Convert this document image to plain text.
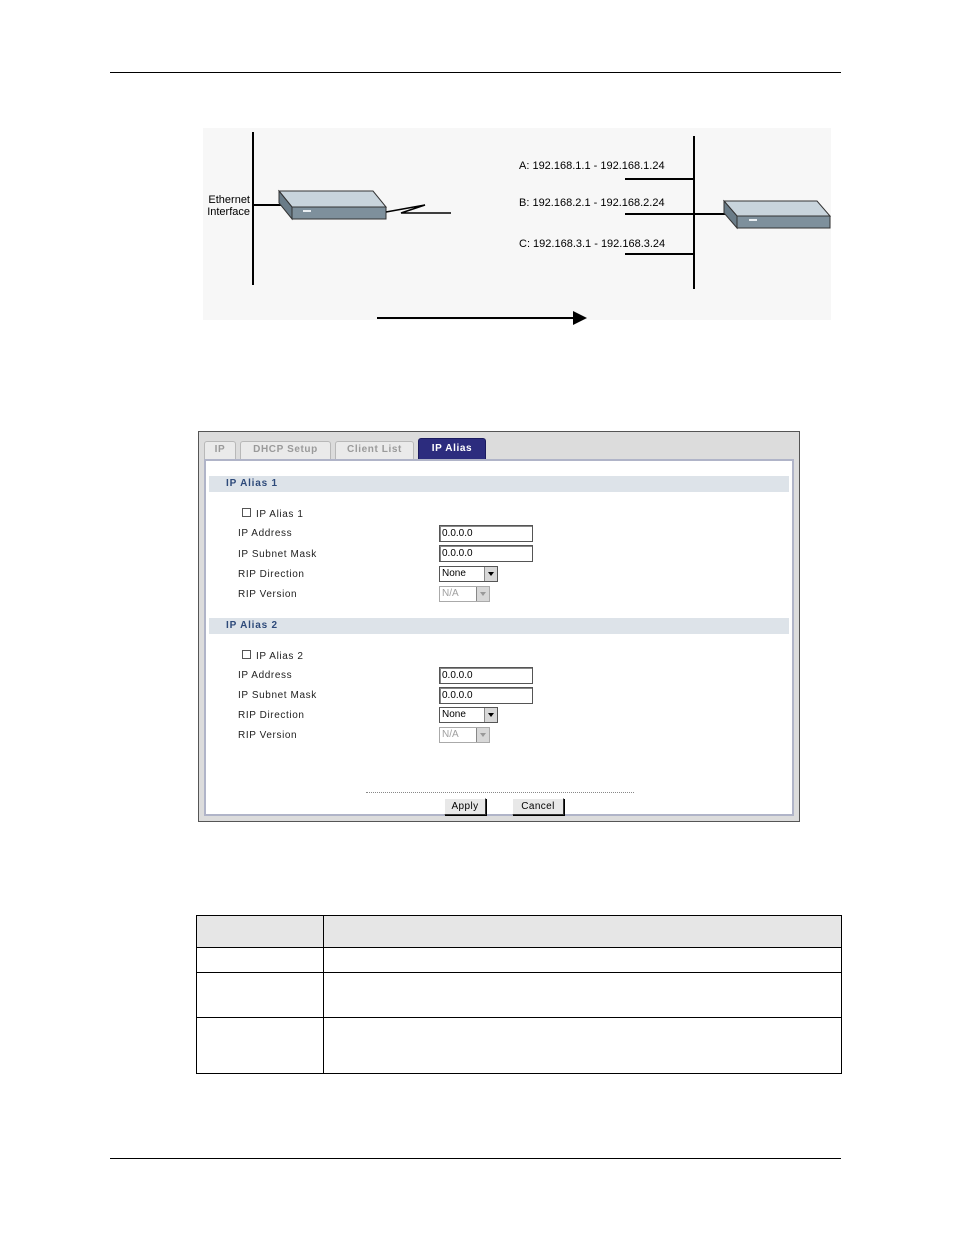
Ethernet
Interface
A: 192.168.1.1 - 192.168.1.24
B: 192.168.2.1 - 192.168.2.24
C: 192.168.3.1 - 192.168.3.24
IP	DHCP Setup	Client List	IP Alias
IP Alias 1
IP Alias 1
IP Address	0.0.0.0
IP Subnet Mask	0.0.0.0
RIP Direction	None
RIP Version	N/A
IP Alias 2
IP Alias 2
IP Address	0.0.0.0
IP Subnet Mask	0.0.0.0
RIP Direction	None
RIP Version	N/A
Apply	Cancel
